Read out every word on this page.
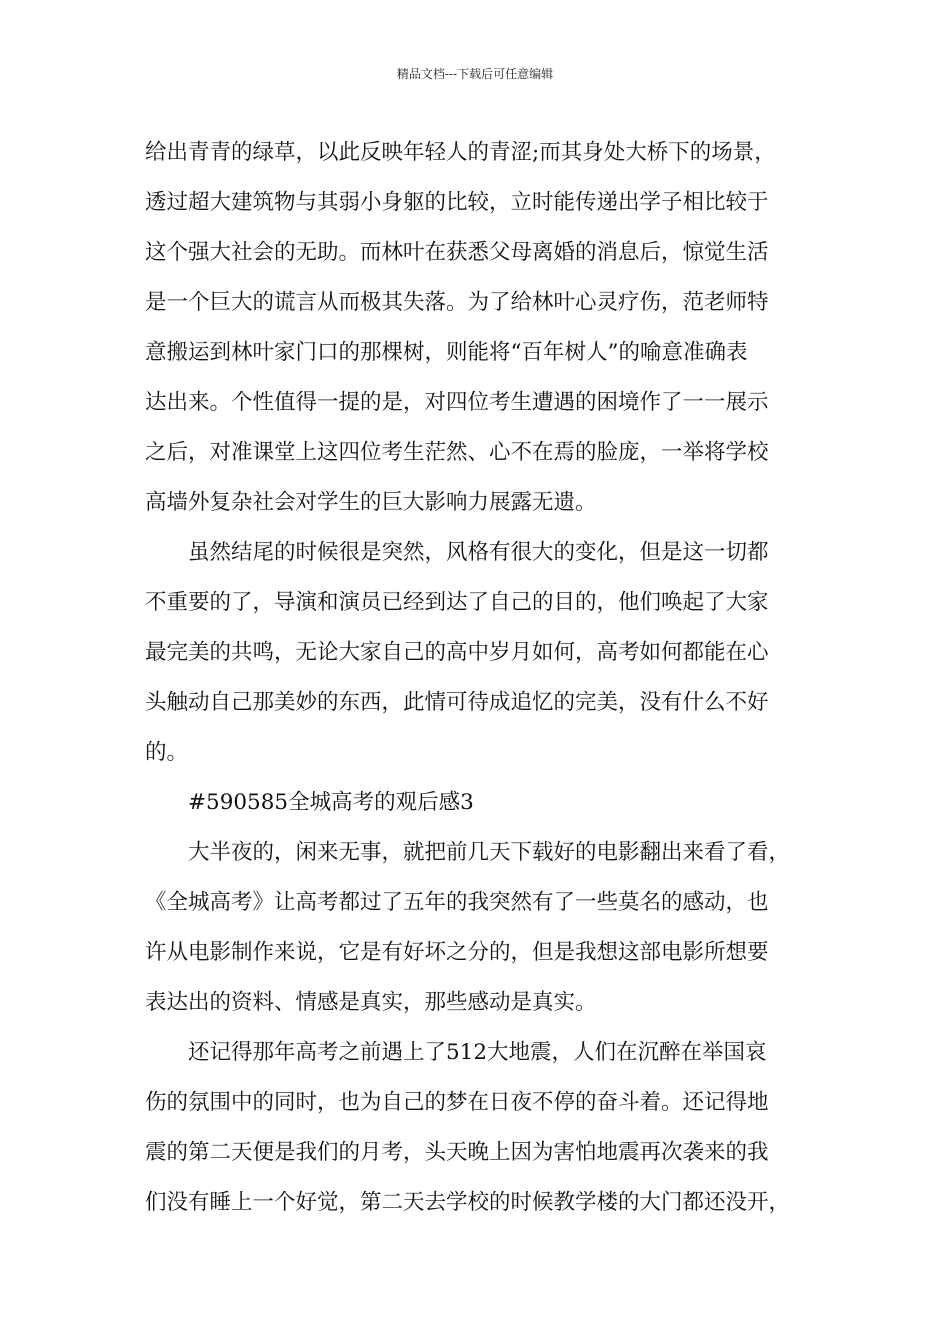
精品文档---下载后可任意编辑
给出青青的绿草，以此反映年轻人的青涩;而其身处大桥下的场景，
透过超大建筑物与其弱小身躯的比较，立时能传递出学子相比较于
这个强大社会的无助。而林叶在获悉父母离婚的消息后，惊觉生活
是一个巨大的谎言从而极其失落。为了给林叶心灵疗伤，范老师特
意搬运到林叶家门口的那棵树，则能将“百年树人”的喻意准确表
达出来。个性值得一提的是，对四位考生遭遇的困境作了一一展示
之后，对准课堂上这四位考生茫然、心不在焉的脸庞，一举将学校
高墙外复杂社会对学生的巨大影响力展露无遗。
虽然结尾的时候很是突然，风格有很大的变化，但是这一切都
不重要的了，导演和演员已经到达了自己的目的，他们唤起了大家
最完美的共鸣，无论大家自己的高中岁月如何，高考如何都能在心
头触动自己那美妙的东西，此情可待成追忆的完美，没有什么不好
的。
#590585全城高考的观后感3
大半夜的，闲来无事，就把前几天下载好的电影翻出来看了看，
《全城高考》让高考都过了五年的我突然有了一些莫名的感动，也
许从电影制作来说，它是有好坏之分的，但是我想这部电影所想要
表达出的资料、情感是真实，那些感动是真实。
还记得那年高考之前遇上了512大地震，人们在沉醉在举国哀
伤的氛围中的同时，也为自己的梦在日夜不停的奋斗着。还记得地
震的第二天便是我们的月考，头天晚上因为害怕地震再次袭来的我
们没有睡上一个好觉，第二天去学校的时候教学楼的大门都还没开，
